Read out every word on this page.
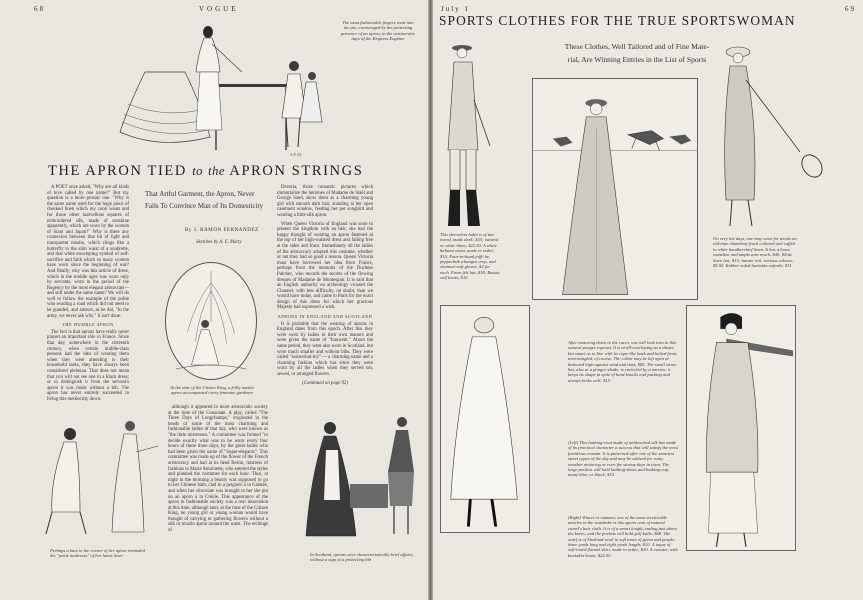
68	VOGUE
A.E.M.
The most fashionable fingers went into the pie, encouraged by the protecting presence of an apron, in the aristocratic days of the Empress Eugénie
THE APRON TIED to the APRON STRINGS
That Artful Garment, the Apron, Never
Fails To Convince Man of Its Domesticity
By J. RAMON FERNANDEZ
Sketches by A. E. Marty

A POET once asked, "Why are all kinds of love called by one name?" But my question is a more prosaic one. "Why is the same name used for the huge piece of checked linen which my cook wears and for those other marvellous squares of embroidered silk, made of sunshine apparently, which are worn by the women of Siam and Japan?" Why is there any connexion between that bit of light and transparent muslin, which clings like a butterfly to the slim waist of a soubrette, and that white enveloping symbol of self-sacrifice and faith which so many women have worn since the beginning of war? And finally, why was this article of dress, which in the middle ages was worn only by servants, worn in the period of the Regency by the most elegant aristocrats—and still under the same name? We will do well to follow the example of the polite who evading a road which did not need to be guarded, and answer, as he did, "In the army, we never ask why." It isn't done.

THE HUMBLE APRON

The fact is that aprons have really never played an important rôle in France. Since that day, somewhere in the sixteenth century, when certain middle-class persons had the idea of wearing them when they were attending to their household tasks, they have always been considered plebeian. That does not mean that you will not see one in a black dress; or to distinguish it from the servant's apron it was made without a bib. The apron has never entirely succeeded in living this mediocrity down.

At the time of the Citizen King, a frilly muslin apron accompanied every feminine gardener

Deveria, those romantic pictures which immortalize the heroines of Madame de Staël and George Sand, show them as a charming young girl with smooth dark hair, standing at her open casement window, feeding her pet songbird and wearing a little silk apron.

When Queen Victoria of England was soon to present the kingdom with an heir, she had the happy thought of wearing an apron fastened at the top of her high-waisted dress and falling free at the sides and front. Immediately all the ladies of the aristocracy adopted this costume, whether or not they had so good a reason. Queen Victoria must have borrowed her idea from France, perhaps from the memoirs of the Duchess Pulchec, who records the secrets of the flowing dresses of Madame de Montespan. It is said that an English authority on archeology crossed the Channel, with less difficulty, no doubt, than we would have today, and came to Paris for the exact design of this dress for which her gracious Majesty had expressed a wish.

APRONS IN ENGLAND AND SCOTLAND

It is probable that the wearing of aprons in England dates from this epoch. After this they were worn by ladies in their own manors and were given the name of "Innocent." About the same period, they were also worn in Scotland, but were much smaller and without bibs. They were called "somewhat-my" — a charming name and a charming fashion which has since they were worn by all the ladies when they served tea, sewed, or arranged flowers.

(Continued on page 92)
Perhaps a knot in the corner of her apron reminded the "petite maîtresse" of her latest lover

although it appeared in more aristocratic society at the time of the Consulate. A play, called "The Three Days of Longchamps," originated in the heads of some of the most charming and fashionable ladies of that day, who were known as "the little mistresses." A committee was formed "to decide exactly what was to be worn every four hours of these three days, by the great ladies who had been given the name of "Super-elegants". This committee was made up of the flower of the French aristocracy and had at its head Bertin, mistress of fashions to Marie Antoinette, who entered the styles and planned the costumes for each hour. Thus, at night in the morning a beauty was supposed to go to her Chinese bath, clad in a peignoir à la Galatée, and when her chocolate was brought to her she put on an apron à la Créole. This appearance of the apron in fashionable society was a real innovation at this time, although later, at the time of the Citizen King, no young girl or young woman would have thought of carrying or gathering flowers without a silk or muslin apron around the waist. The etchings of

In Scotland, aprons were characteristically brief affairs, without a sign of a protecting bib
July 1	69
SPORTS CLOTHES FOR THE TRUE SPORTSWOMAN
These Clothes, Well Tailored and of Fine Mate-
rial, Are Winning Entries in the List of Sports
This sleeveless habit is of tan tweed, made dark; $35; natural or white linen; $22.50. A white habutai waist, made to order; $10. Four-in-hand jaffé tie, pepperlink whangee crop, and chamois-soft gloves; $2 for each. Fawn felt hat, $18; Russia calf boots; $16
On very hot days, one may wear for tennis an old-time chambray frock collared and cuffed in white handkerchief linen. It has a loose waistline and ample arm reach. $40. White linen hat; $15; haram veil, various colours; $5.50. Rubber-soled buckskin oxfords; $11
After motoring down to the races, one will look trim in this natural pongee topcoat. It is at all-enveloping as a duster, but smart as to line with its cape-like back and belted front, trim-mingled, of course. The collar may be left open or buttoned high against wind and dust; $85. The small straw hat, also at a pongee shade, is encircled by a narrow; it keeps its shape in spite of hard knocks and packing and always looks well; $15
(Left) This bathing-coat made of unbleached silk has made of its practical character a success that will satisfy the most fastidious woman. It is patterned after one of the smartest street capes of the day and may be utilized for rainy weather motoring or even for stormy days in town. The large pockets will hold bathing-shoes and bathing-cap, many blue, or black; $15
(Right) Winter or summer, one of the most serviceable articles in the wardrobe is this sports coat of natural camel's hair cloth. It is of a smart length, ending just above the knees, and the pockets will hold golf balls; $68. The scarf is of Shetland wool in soft tones of green and purple; three yards long and eight yards length; $10. A toque of soft-toned flannel shirt, made to order; $20. A sweater, with buckskin boots; $22.50
